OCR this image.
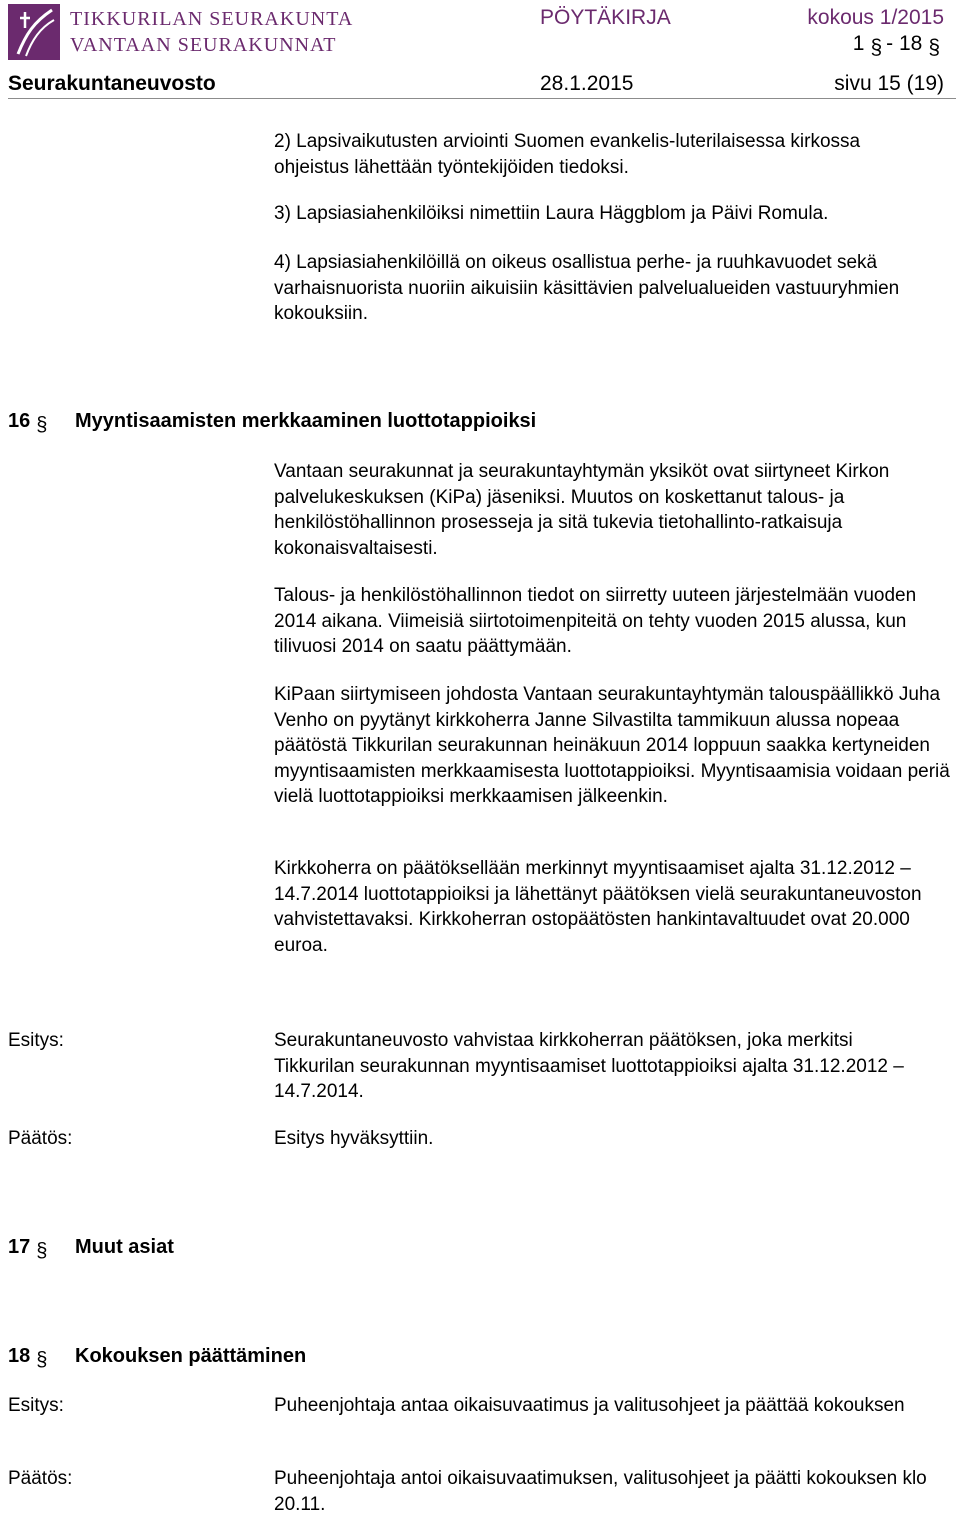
TIKKURILAN SEURAKUNTA
VANTAAN SEURAKUNNAT
PÖYTÄKIRJA	kokous 1/2015
1 § - 18 §
Seurakuntaneuvosto	28.1.2015	sivu 15 (19)

2) Lapsivaikutusten arviointi Suomen evankelis-luterilaisessa kirkossa ohjeistus lähettään työntekijöiden tiedoksi.

3) Lapsiasiahenkilöiksi nimettiin Laura Häggblom ja Päivi Romula.

4) Lapsiasiahenkilöillä on oikeus osallistua perhe- ja ruuhkavuodet sekä varhaisnuorista nuoriin aikuisiin käsittävien palvelualueiden vastuuryhmien kokouksiin.

16 § Myyntisaamisten merkkaaminen luottotappioiksi

Vantaan seurakunnat ja seurakuntayhtymän yksiköt ovat siirtyneet Kirkon palvelukeskuksen (KiPa) jäseniksi. Muutos on koskettanut talous- ja henkilöstöhallinnon prosesseja ja sitä tukevia tietohallinto-ratkaisuja kokonaisvaltaisesti.

Talous- ja henkilöstöhallinnon tiedot on siirretty uuteen järjestelmään vuoden 2014 aikana. Viimeisiä siirtotoimenpiteitä on tehty vuoden 2015 alussa, kun tilivuosi 2014 on saatu päättymään.

KiPaan siirtymiseen johdosta Vantaan seurakuntayhtymän talouspäällikkö Juha Venho on pyytänyt kirkkoherra Janne Silvastilta tammikuun alussa nopeaa päätöstä Tikkurilan seurakunnan heinäkuun 2014 loppuun saakka kertyneiden myyntisaamisten merkkaamisesta luottotappioiksi. Myyntisaamisia voidaan periä vielä luottotappioiksi merkkaamisen jälkeenkin.

Kirkkoherra on päätöksellään merkinnyt myyntisaamiset ajalta 31.12.2012 – 14.7.2014 luottotappioiksi ja lähettänyt päätöksen vielä seurakuntaneuvoston vahvistettavaksi. Kirkkoherran ostopäätösten hankintavaltuudet ovat 20.000 euroa.

Esitys:	Seurakuntaneuvosto vahvistaa kirkkoherran päätöksen, joka merkitsi Tikkurilan seurakunnan myyntisaamiset luottotappioiksi ajalta 31.12.2012 – 14.7.2014.

Päätös:	Esitys hyväksyttiin.

17 § Muut asiat
18 § Kokouksen päättäminen
Esitys:	Puheenjohtaja antaa oikaisuvaatimus ja valitusohjeet ja päättää kokouksen

Päätös:	Puheenjohtaja antoi oikaisuvaatimuksen, valitusohjeet ja päätti kokouksen klo 20.11.
